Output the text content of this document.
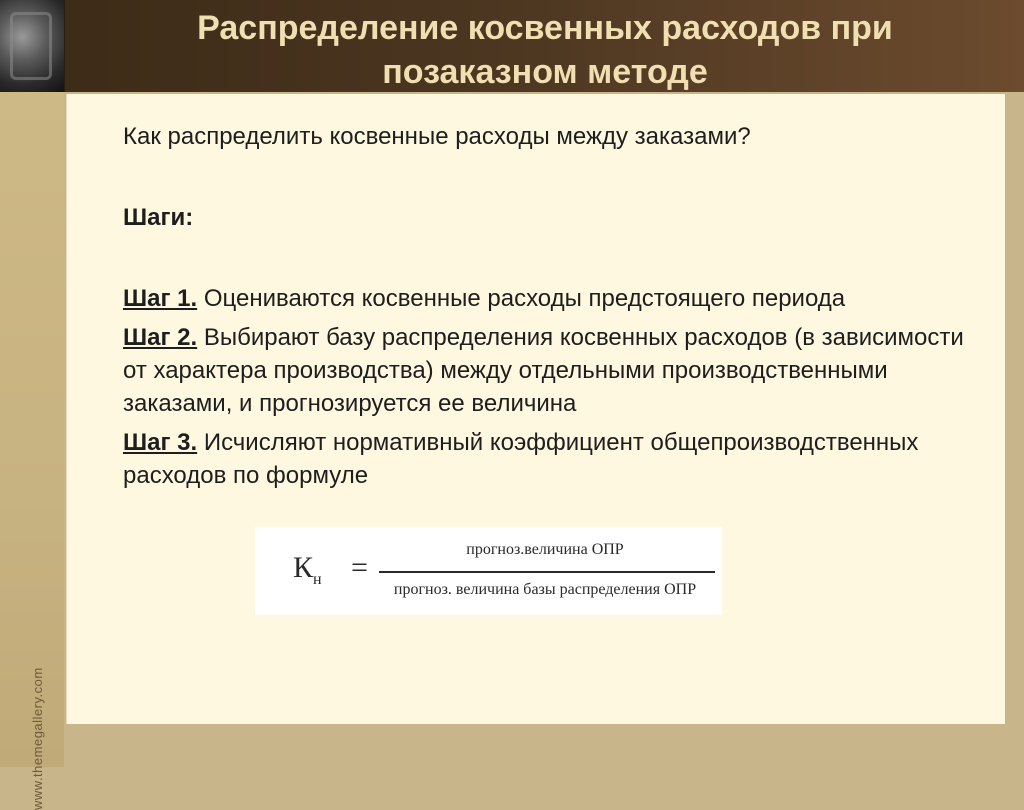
Распределение косвенных расходов при
позаказном методе
www.themegallery.com

Как распределить косвенные расходы между заказами?

Шаги:

Шаг 1. Оцениваются косвенные расходы предстоящего периода

Шаг 2. Выбирают базу распределения косвенных расходов (в зависимости от характера производства) между отдельными производственными заказами, и прогнозируется ее величина

Шаг 3. Исчисляют нормативный коэффициент общепроизводственных расходов по формуле

$К_н$ =
прогноз.величина ОПР
прогноз. величина базы распределения ОПР
